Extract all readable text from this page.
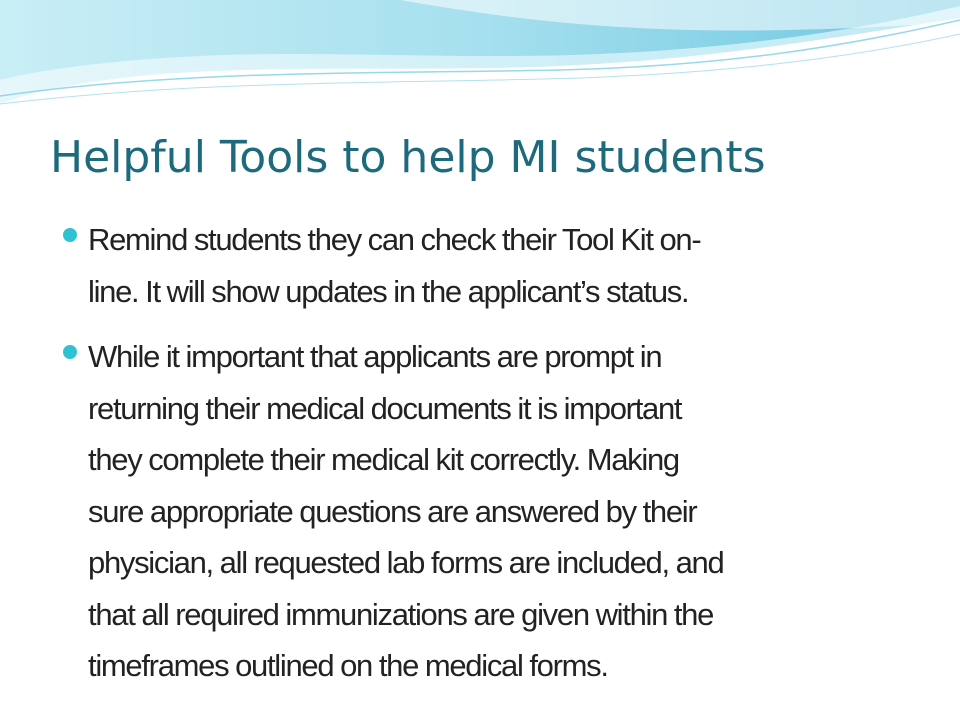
Helpful Tools to help MI students
Remind students they can check their Tool Kit on-
line. It will show updates in the applicant’s status.
While it important that applicants are prompt in
returning their medical documents it is important
they complete their medical kit correctly. Making
sure appropriate questions are answered by their
physician, all requested lab forms are included, and
that all required immunizations are given within the
timeframes outlined on the medical forms.
